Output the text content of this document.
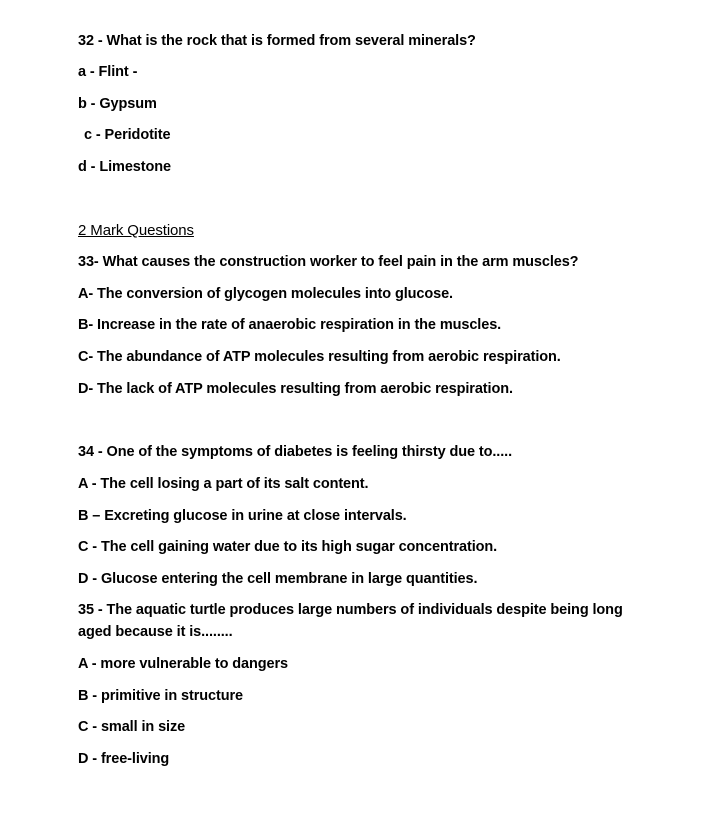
32 - What is the rock that is formed from several minerals?
a - Flint -
b - Gypsum
c - Peridotite
d - Limestone
2 Mark Questions
33- What causes the construction worker to feel pain in the arm muscles?
A- The conversion of glycogen molecules into glucose.
B- Increase in the rate of anaerobic respiration in the muscles.
C- The abundance of ATP molecules resulting from aerobic respiration.
D- The lack of ATP molecules resulting from aerobic respiration.
34 - One of the symptoms of diabetes is feeling thirsty due to.....
A - The cell losing a part of its salt content.
B – Excreting glucose in urine at close intervals.
C - The cell gaining water due to its high sugar concentration.
D - Glucose entering the cell membrane in large quantities.
35 - The aquatic turtle produces large numbers of individuals despite being long aged because it is........
A - more vulnerable to dangers
B - primitive in structure
C - small in size
D - free-living
